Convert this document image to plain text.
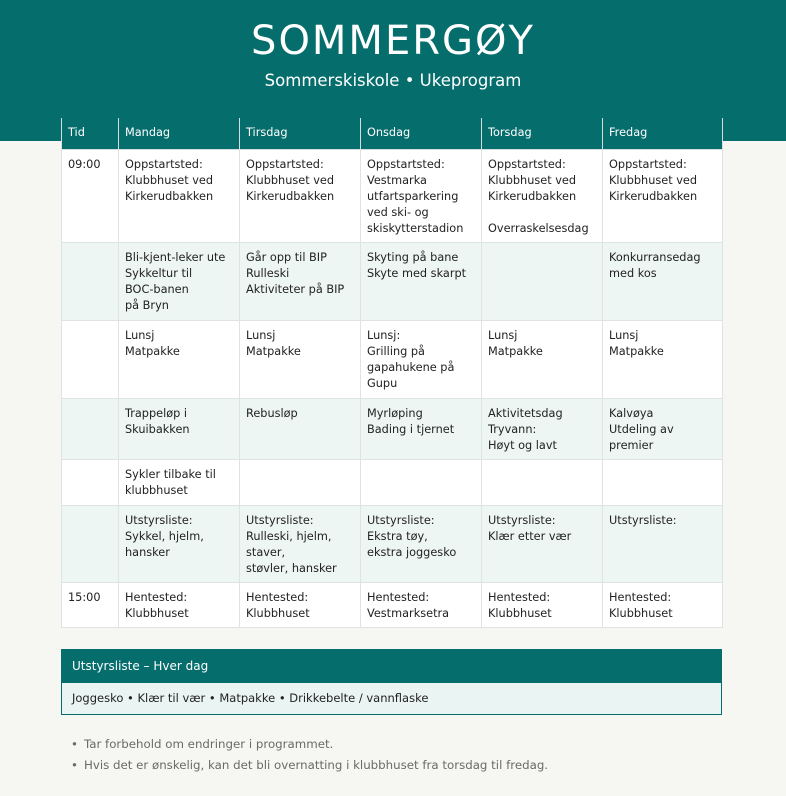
SOMMERGØY
Sommerskiskole • Ukeprogram
Tid	Mandag	Tirsdag	Onsdag	Torsdag	Fredag
09:00	Oppstartsted:
Klubbhuset ved
Kirkerudbakken	Oppstartsted:
Klubbhuset ved
Kirkerudbakken	Oppstartsted:
Vestmarka
utfartsparkering
ved ski- og
skiskytterstadion	Oppstartsted:
Klubbhuset ved
Kirkerudbakken

Overraskelsesdag	Oppstartsted:
Klubbhuset ved
Kirkerudbakken
	Bli-kjent-leker ute
Sykkeltur til
BOC-banen
på Bryn	Går opp til BIP
Rulleski
Aktiviteter på BIP	Skyting på bane
Skyte med skarpt		Konkurransedag
med kos
	Lunsj
Matpakke	Lunsj
Matpakke	Lunsj:
Grilling på
gapahukene på
Gupu	Lunsj
Matpakke	Lunsj
Matpakke
	Trappeløp i
Skuibakken	Rebusløp	Myrløping
Bading i tjernet	Aktivitetsdag
Tryvann:
Høyt og lavt	Kalvøya
Utdeling av premier
	Sykler tilbake til
klubbhuset				
	Utstyrsliste:
Sykkel, hjelm,
hansker	Utstyrsliste:
Rulleski, hjelm,
staver,
støvler, hansker	Utstyrsliste:
Ekstra tøy,
ekstra joggesko	Utstyrsliste:
Klær etter vær	Utstyrsliste:
15:00	Hentested:
Klubbhuset	Hentested:
Klubbhuset	Hentested:
Vestmarksetra	Hentested:
Klubbhuset	Hentested:
Klubbhuset
Utstyrsliste – Hver dag
Joggesko • Klær til vær • Matpakke • Drikkebelte / vannflaske
• Tar forbehold om endringer i programmet.
• Hvis det er ønskelig, kan det bli overnatting i klubbhuset fra torsdag til fredag.
